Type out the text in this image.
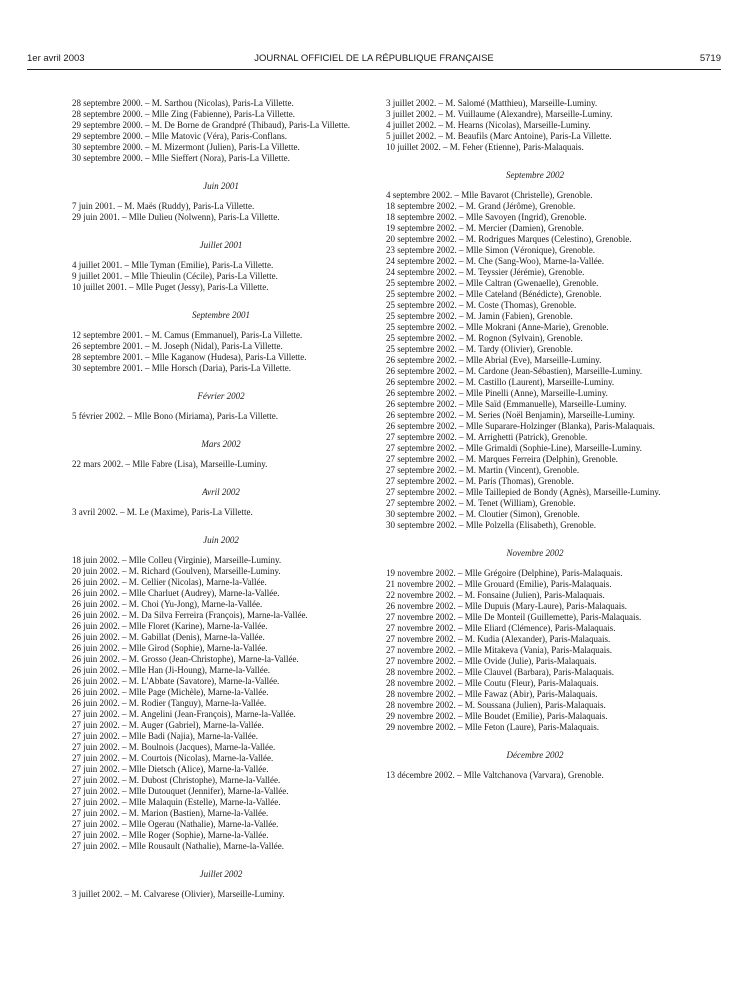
1er avril 2003	JOURNAL OFFICIEL DE LA RÉPUBLIQUE FRANÇAISE	5719
28 septembre 2000. – M. Sarthou (Nicolas), Paris-La Villette.
28 septembre 2000. – Mlle Zing (Fabienne), Paris-La Villette.
29 septembre 2000. – M. De Borne de Grandpré (Thibaud), Paris-La Villette.
29 septembre 2000. – Mlle Matovic (Véra), Paris-Conflans.
30 septembre 2000. – M. Mizermont (Julien), Paris-La Villette.
30 septembre 2000. – Mlle Sieffert (Nora), Paris-La Villette.
Juin 2001
7 juin 2001. – M. Maës (Ruddy), Paris-La Villette.
29 juin 2001. – Mlle Dulieu (Nolwenn), Paris-La Villette.
Juillet 2001
4 juillet 2001. – Mlle Tyman (Emilie), Paris-La Villette.
9 juillet 2001. – Mlle Thieulin (Cécile), Paris-La Villette.
10 juillet 2001. – Mlle Puget (Jessy), Paris-La Villette.
Septembre 2001
12 septembre 2001. – M. Camus (Emmanuel), Paris-La Villette.
26 septembre 2001. – M. Joseph (Nidal), Paris-La Villette.
28 septembre 2001. – Mlle Kaganow (Hudesa), Paris-La Villette.
30 septembre 2001. – Mlle Horsch (Daria), Paris-La Villette.
Février 2002
5 février 2002. – Mlle Bono (Miriama), Paris-La Villette.
Mars 2002
22 mars 2002. – Mlle Fabre (Lisa), Marseille-Luminy.
Avril 2002
3 avril 2002. – M. Le (Maxime), Paris-La Villette.
Juin 2002
18 juin 2002. – Mlle Colleu (Virginie), Marseille-Luminy.
20 juin 2002. – M. Richard (Goulven), Marseille-Luminy.
26 juin 2002. – M. Cellier (Nicolas), Marne-la-Vallée.
26 juin 2002. – Mlle Charluet (Audrey), Marne-la-Vallée.
26 juin 2002. – M. Choi (Yu-Jong), Marne-la-Vallée.
26 juin 2002. – M. Da Silva Ferreira (François), Marne-la-Vallée.
26 juin 2002. – Mlle Floret (Karine), Marne-la-Vallée.
26 juin 2002. – M. Gabillat (Denis), Marne-la-Vallée.
26 juin 2002. – Mlle Girod (Sophie), Marne-la-Vallée.
26 juin 2002. – M. Grosso (Jean-Christophe), Marne-la-Vallée.
26 juin 2002. – Mlle Han (Ji-Houng), Marne-la-Vallée.
26 juin 2002. – M. L'Abbate (Savatore), Marne-la-Vallée.
26 juin 2002. – Mlle Page (Michèle), Marne-la-Vallée.
26 juin 2002. – M. Rodier (Tanguy), Marne-la-Vallée.
27 juin 2002. – M. Angelini (Jean-François), Marne-la-Vallée.
27 juin 2002. – M. Auger (Gabriel), Marne-la-Vallée.
27 juin 2002. – Mlle Badi (Najia), Marne-la-Vallée.
27 juin 2002. – M. Boulnois (Jacques), Marne-la-Vallée.
27 juin 2002. – M. Courtois (Nicolas), Marne-la-Vallée.
27 juin 2002. – Mlle Dietsch (Alice), Marne-la-Vallée.
27 juin 2002. – M. Dubost (Christophe), Marne-la-Vallée.
27 juin 2002. – Mlle Dutouquet (Jennifer), Marne-la-Vallée.
27 juin 2002. – Mlle Malaquin (Estelle), Marne-la-Vallée.
27 juin 2002. – M. Marion (Bastien), Marne-la-Vallée.
27 juin 2002. – Mlle Ogerau (Nathalie), Marne-la-Vallée.
27 juin 2002. – Mlle Roger (Sophie), Marne-la-Vallée.
27 juin 2002. – Mlle Rousault (Nathalie), Marne-la-Vallée.
Juillet 2002
3 juillet 2002. – M. Calvarese (Olivier), Marseille-Luminy.
3 juillet 2002. – M. Salomé (Matthieu), Marseille-Luminy.
3 juillet 2002. – M. Vuillaume (Alexandre), Marseille-Luminy.
4 juillet 2002. – M. Hearns (Nicolas), Marseille-Luminy.
5 juillet 2002. – M. Beaufils (Marc Antoine), Paris-La Villette.
10 juillet 2002. – M. Feher (Etienne), Paris-Malaquais.
Septembre 2002
4 septembre 2002. – Mlle Bavarot (Christelle), Grenoble.
18 septembre 2002. – M. Grand (Jérôme), Grenoble.
18 septembre 2002. – Mlle Savoyen (Ingrid), Grenoble.
19 septembre 2002. – M. Mercier (Damien), Grenoble.
20 septembre 2002. – M. Rodrigues Marques (Celestino), Grenoble.
23 septembre 2002. – Mlle Simon (Véronique), Grenoble.
24 septembre 2002. – M. Che (Sang-Woo), Marne-la-Vallée.
24 septembre 2002. – M. Teyssier (Jérémie), Grenoble.
25 septembre 2002. – Mlle Caltran (Gwenaelle), Grenoble.
25 septembre 2002. – Mlle Cateland (Bénédicte), Grenoble.
25 septembre 2002. – M. Coste (Thomas), Grenoble.
25 septembre 2002. – M. Jamin (Fabien), Grenoble.
25 septembre 2002. – Mlle Mokrani (Anne-Marie), Grenoble.
25 septembre 2002. – M. Rognon (Sylvain), Grenoble.
25 septembre 2002. – M. Tardy (Olivier), Grenoble.
26 septembre 2002. – Mlle Abrial (Eve), Marseille-Luminy.
26 septembre 2002. – M. Cardone (Jean-Sébastien), Marseille-Luminy.
26 septembre 2002. – M. Castillo (Laurent), Marseille-Luminy.
26 septembre 2002. – Mlle Pinelli (Anne), Marseille-Luminy.
26 septembre 2002. – Mlle Saïd (Emmanuelle), Marseille-Luminy.
26 septembre 2002. – M. Series (Noël Benjamin), Marseille-Luminy.
26 septembre 2002. – Mlle Suparare-Holzinger (Blanka), Paris-Malaquais.
27 septembre 2002. – M. Arrighetti (Patrick), Grenoble.
27 septembre 2002. – Mlle Grimaldi (Sophie-Line), Marseille-Luminy.
27 septembre 2002. – M. Marques Ferreira (Delphin), Grenoble.
27 septembre 2002. – M. Martin (Vincent), Grenoble.
27 septembre 2002. – M. Paris (Thomas), Grenoble.
27 septembre 2002. – Mlle Taillepied de Bondy (Agnès), Marseille-Luminy.
27 septembre 2002. – M. Tenet (William), Grenoble.
30 septembre 2002. – M. Cloutier (Simon), Grenoble.
30 septembre 2002. – Mlle Polzella (Elisabeth), Grenoble.
Novembre 2002
19 novembre 2002. – Mlle Grégoire (Delphine), Paris-Malaquais.
21 novembre 2002. – Mlle Grouard (Emilie), Paris-Malaquais.
22 novembre 2002. – M. Fonsaine (Julien), Paris-Malaquais.
26 novembre 2002. – Mlle Dupuis (Mary-Laure), Paris-Malaquais.
27 novembre 2002. – Mlle De Monteil (Guillemette), Paris-Malaquais.
27 novembre 2002. – Mlle Eliard (Clémence), Paris-Malaquais.
27 novembre 2002. – M. Kudia (Alexander), Paris-Malaquais.
27 novembre 2002. – Mlle Mitakeva (Vania), Paris-Malaquais.
27 novembre 2002. – Mlle Ovide (Julie), Paris-Malaquais.
28 novembre 2002. – Mlle Clauvel (Barbara), Paris-Malaquais.
28 novembre 2002. – Mlle Coutu (Fleur), Paris-Malaquais.
28 novembre 2002. – Mlle Fawaz (Abir), Paris-Malaquais.
28 novembre 2002. – M. Soussana (Julien), Paris-Malaquais.
29 novembre 2002. – Mlle Boudet (Emilie), Paris-Malaquais.
29 novembre 2002. – Mlle Feton (Laure), Paris-Malaquais.
Décembre 2002
13 décembre 2002. – Mlle Valtchanova (Varvara), Grenoble.
